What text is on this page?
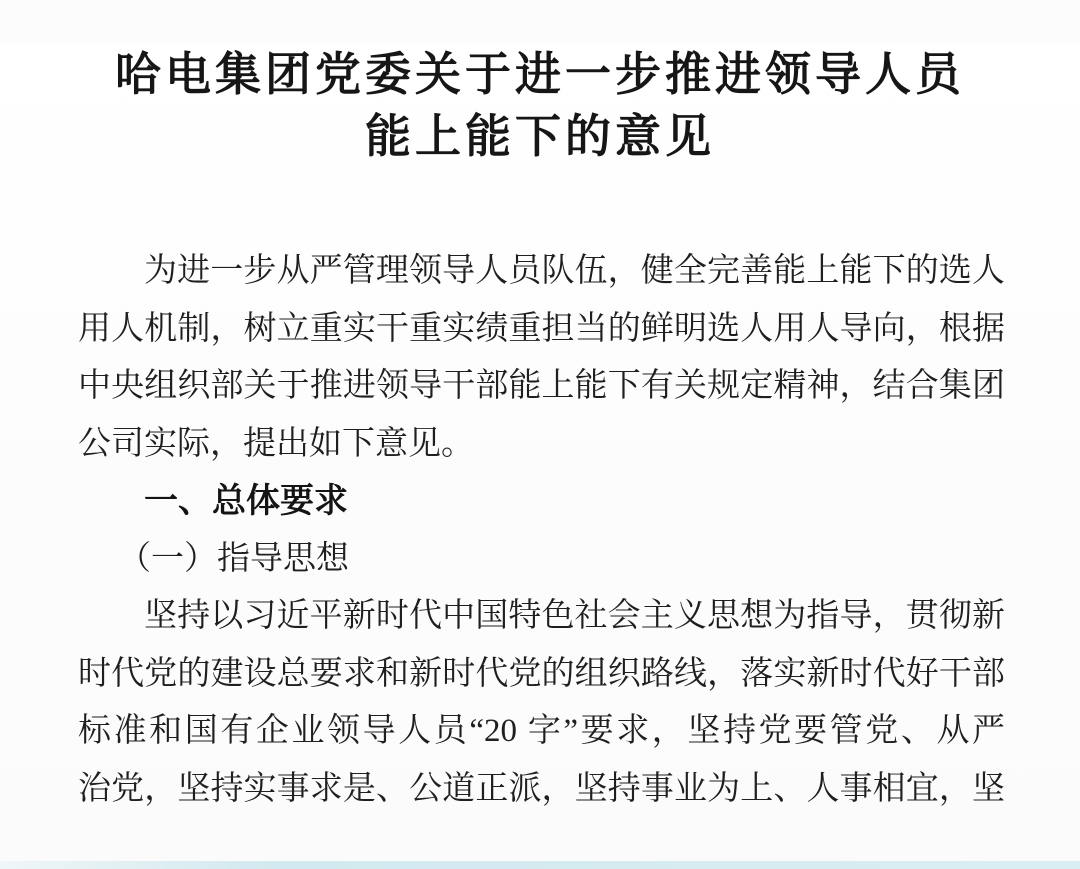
哈电集团党委关于进一步推进领导人员
能上能下的意见
为进一步从严管理领导人员队伍，健全完善能上能下的选人
用人机制，树立重实干重实绩重担当的鲜明选人用人导向，根据
中央组织部关于推进领导干部能上能下有关规定精神，结合集团
公司实际，提出如下意见。
一、总体要求
（一）指导思想
坚持以习近平新时代中国特色社会主义思想为指导，贯彻新
时代党的建设总要求和新时代党的组织路线，落实新时代好干部
标准和国有企业领导人员“20 字”要求，坚持党要管党、从严
治党，坚持实事求是、公道正派，坚持事业为上、人事相宜，坚
